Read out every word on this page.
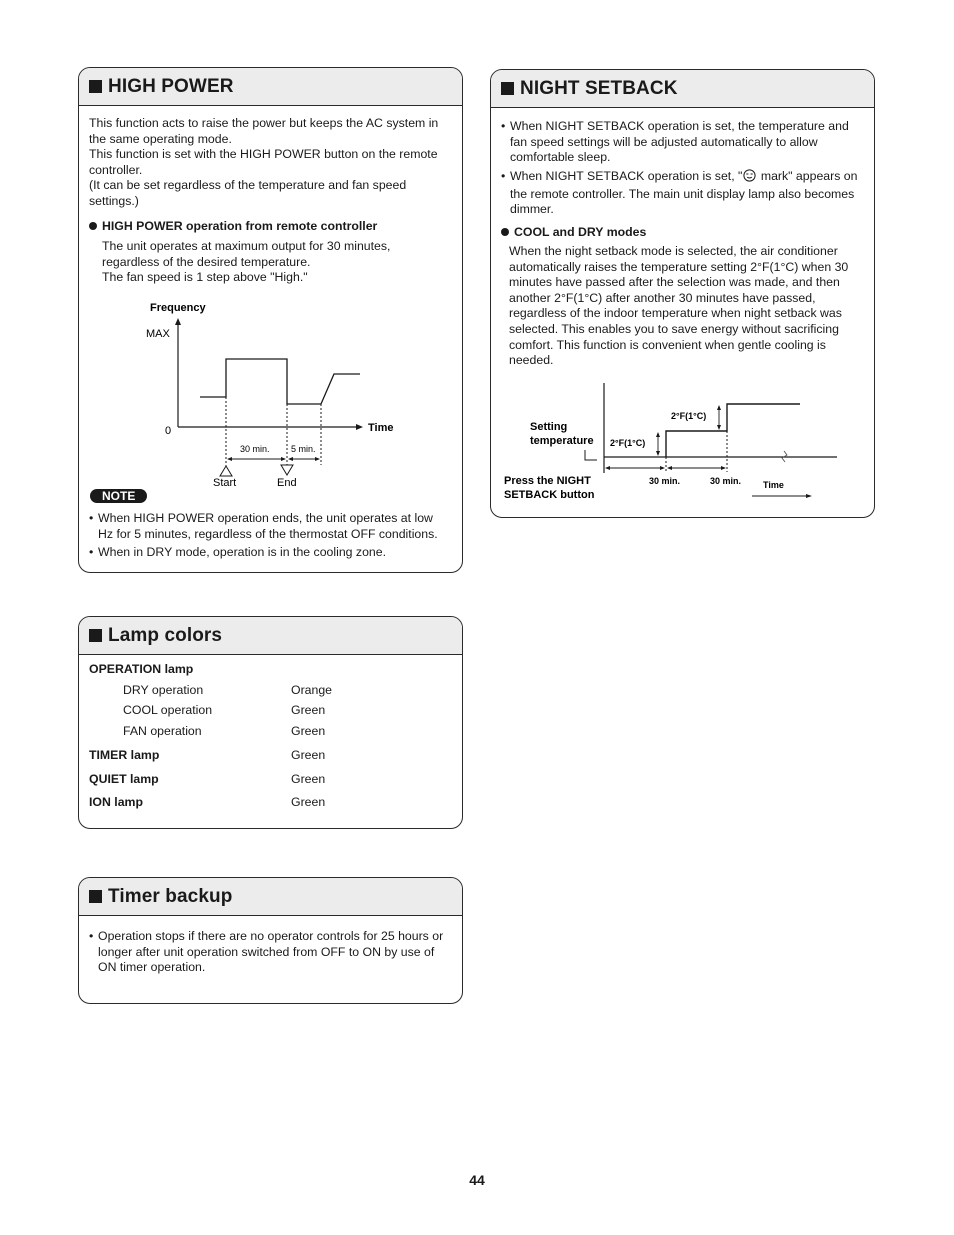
HIGH POWER
This function acts to raise the power but keeps the AC system in
the same operating mode.
This function is set with the HIGH POWER button on the remote
controller.
(It can be set regardless of the temperature and fan speed
settings.)
HIGH POWER operation from remote controller
The unit operates at maximum output for 30 minutes,
regardless of the desired temperature.
The fan speed is 1 step above "High."
Frequency
MAX
0	Time
30 min. 5 min.
Start	End
NOTE
• When HIGH POWER operation ends, the unit operates at low
Hz for 5 minutes, regardless of the thermostat OFF conditions.
• When in DRY mode, operation is in the cooling zone.
NIGHT SETBACK
• When NIGHT SETBACK operation is set, the temperature and
fan speed settings will be adjusted automatically to allow
comfortable sleep.
• When NIGHT SETBACK operation is set, " mark" appears on
the remote controller. The main unit display lamp also becomes
dimmer.
COOL and DRY modes
When the night setback mode is selected, the air conditioner
automatically raises the temperature setting 2°F(1°C) when 30
minutes have passed after the selection was made, and then
another 2°F(1°C) after another 30 minutes have passed,
regardless of the indoor temperature when night setback was
selected. This enables you to save energy without sacrificing
comfort. This function is convenient when gentle cooling is
needed.
Setting
temperature 2°F(1°C)
2°F(1°C)
Press the NIGHT
SETBACK button
30 min.	30 min. Time
Lamp colors
OPERATION lamp
DRY operation	Orange
COOL operation	Green
FAN operation	Green
TIMER lamp	Green
QUIET lamp	Green
ION lamp	Green
Timer backup
• Operation stops if there are no operator controls for 25 hours or
longer after unit operation switched from OFF to ON by use of
ON timer operation.
44
